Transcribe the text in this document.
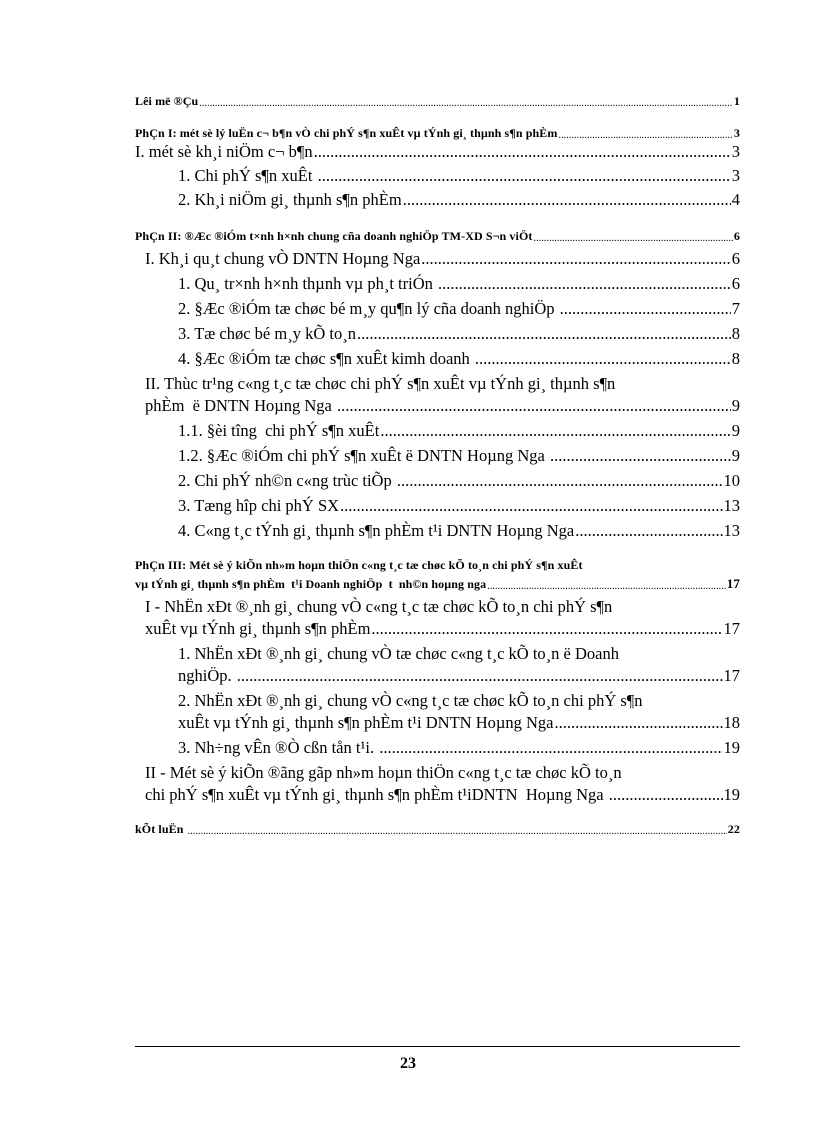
Lêi më ®Çu .....	1
PhÇn I: mét sè lý luËn c¬ b¶n vÒ chi phÝ s¶n xuÊt vµ tÝnh gi¸ thµnh s¶n phÈm .....	3
I. mét sè kh¸i niÖm c¬ b¶n .....	3
1. Chi phÝ s¶n xuÊt .....	3
2. Kh¸i niÖm gi¸ thµnh s¶n phÈm .....	4
PhÇn II: ®Æc ®iÓm t×nh h×nh chung cña doanh nghiÖp TM-XD S¬n viÖt .....	6
I. Kh¸i qu¸t chung vÒ DNTN Hoµng Nga .....	6
1. Qu¸ tr×nh h×nh thµnh vµ ph¸t triÓn .....	6
2. §Æc ®iÓm tæ chøc bé m¸y qu¶n lý cña doanh nghiÖp .....	7
3. Tæ chøc bé m¸y kÕ to¸n .....	8
4. §Æc ®iÓm tæ chøc s¶n xuÊt kimh doanh .....	8
II. Thùc tr¹ng c«ng t¸c tæ chøc chi phÝ s¶n xuÊt vµ tÝnh gi¸ thµnh s¶n
phÈm  ë DNTN Hoµng Nga .....	9
1.1. §èi tîng  chi phÝ s¶n xuÊt .....	9
1.2. §Æc ®iÓm chi phÝ s¶n xuÊt ë DNTN Hoµng Nga .....	9
2. Chi phÝ nh©n c«ng trùc tiÕp .....	10
3. Tæng hîp chi phÝ SX .....	13
4. C«ng t¸c tÝnh gi¸ thµnh s¶n phÈm t¹i DNTN Hoµng Nga .....	13
PhÇn III: Mét sè ý kiÕn nh»m hoµn thiÖn c«ng t¸c tæ chøc kÕ to¸n chi phÝ s¶n xuÊt
vµ tÝnh gi¸ thµnh s¶n phÈm  t¹i Doanh nghiÖp  t  nh©n hoµng nga .....	17
I - NhËn xÐt ®¸nh gi¸ chung vÒ c«ng t¸c tæ chøc kÕ to¸n chi phÝ s¶n
xuÊt vµ tÝnh gi¸ thµnh s¶n phÈm .....	17
1. NhËn xÐt ®¸nh gi¸ chung vÒ tæ chøc c«ng t¸c kÕ to¸n ë Doanh
nghiÖp. .....	17
2. NhËn xÐt ®¸nh gi¸ chung vÒ c«ng t¸c tæ chøc kÕ to¸n chi phÝ s¶n
xuÊt vµ tÝnh gi¸ thµnh s¶n phÈm t¹i DNTN Hoµng Nga .....	18
3. Nh÷ng vÊn ®Ò cßn tån t¹i. .....	19
II - Mét sè ý kiÕn ®ãng gãp nh»m hoµn thiÖn c«ng t¸c tæ chøc kÕ to¸n
chi phÝ s¶n xuÊt vµ tÝnh gi¸ thµnh s¶n phÈm t¹iDNTN  Hoµng Nga .....	19
kÕt luËn .....	22
23
